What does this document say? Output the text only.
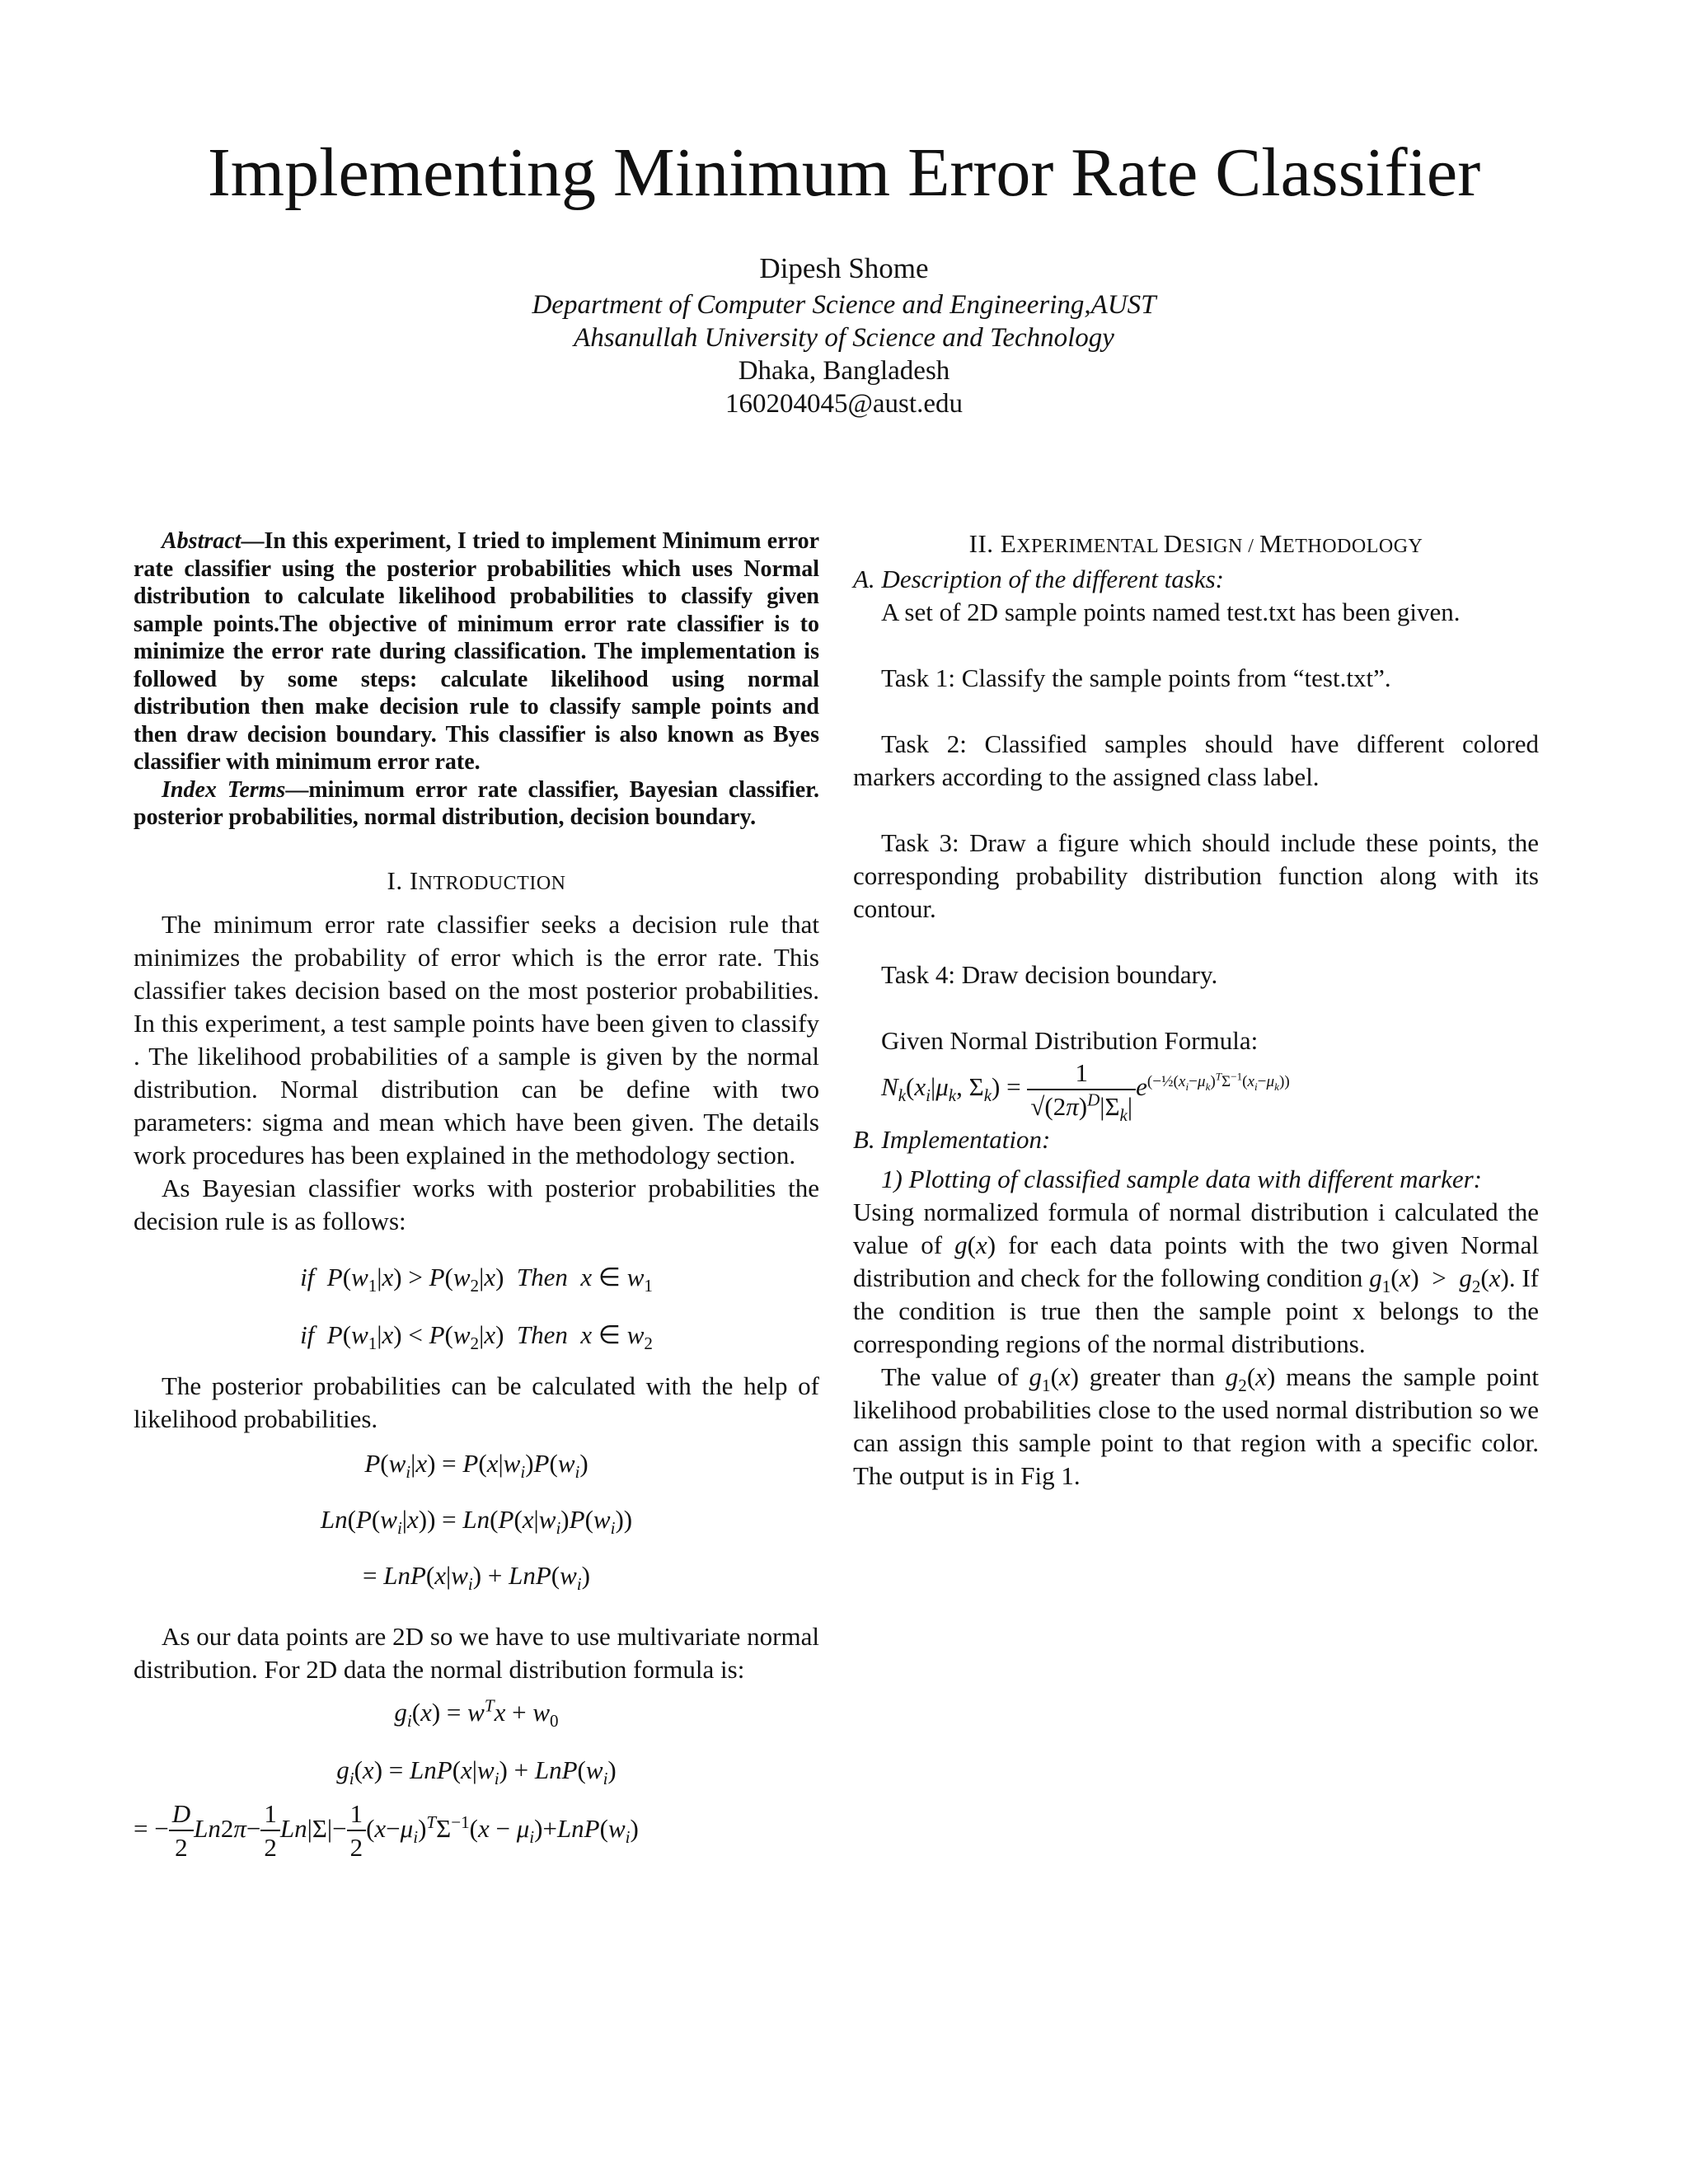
Implementing Minimum Error Rate Classifier
Dipesh Shome
Department of Computer Science and Engineering,AUST
Ahsanullah University of Science and Technology
Dhaka, Bangladesh
160204045@aust.edu

Abstract—In this experiment, I tried to implement Minimum error rate classifier using the posterior probabilities which uses Normal distribution to calculate likelihood probabilities to classify given sample points.The objective of minimum error rate classifier is to minimize the error rate during classification. The implementation is followed by some steps: calculate likelihood using normal distribution then make decision rule to classify sample points and then draw decision boundary. This classifier is also known as Byes classifier with minimum error rate.

Index Terms—minimum error rate classifier, Bayesian classifier. posterior probabilities, normal distribution, decision boundary.

I. INTRODUCTION

The minimum error rate classifier seeks a decision rule that minimizes the probability of error which is the error rate. This classifier takes decision based on the most posterior probabilities. In this experiment, a test sample points have been given to classify . The likelihood probabilities of a sample is given by the normal distribution. Normal distribution can be define with two parameters: sigma and mean which have been given. The details work procedures has been explained in the methodology section.

As Bayesian classifier works with posterior probabilities the decision rule is as follows:

if $P(w_1|x) > P(w_2|x)$  Then x ∈ $w_1$

if $P(w_1|x) < P(w_2|x)$  Then x ∈ $w_2$

The posterior probabilities can be calculated with the help of likelihood probabilities.

$P(w_i|x) = P(x|w_i)P(w_i)$

$Ln(P(w_i|x)) = Ln(P(x|w_i)P(w_i))$

= $LnP(x|w_i) + LnP(w_i)$

As our data points are 2D so we have to use multivariate normal distribution. For 2D data the normal distribution formula is:

$g_i(x) = w^Tx + w_0$

$g_i(x) = LnP(x|w_i) + LnP(w_i)$

= − $\frac{D}{2} Ln2\pi- \frac{1}{2} Ln|\Sigma|- \frac{1}{2} (x-\mu_i)^T\Sigma^{-1}(x - \mu_i)+LnP(w_i)$

II. EXPERIMENTAL DESIGN / METHODOLOGY

A. Description of the different tasks:

A set of 2D sample points named test.txt has been given.

Task 1: Classify the sample points from “test.txt”.

Task 2: Classified samples should have different colored markers according to the assigned class label.

Task 3: Draw a figure which should include these points, the corresponding probability distribution function along with its contour.

Task 4: Draw decision boundary.

Given Normal Distribution Formula:

$N_k(x_i|\mu_k$, $\Sigma_k) = \frac{1}{√(2\pi)^D|\Sigma_k|} e^{(-\frac{1}{2}(x_i-\mu_k)^T\Sigma^{-1}(x_i-\mu_k))}$

B. Implementation:

1) Plotting of classified sample data with different marker:

Using normalized formula of normal distribution i calculated the value of g(x) for each data points with the two given Normal distribution and check for the following condition $g_1(x) > g_2(x)$. If the condition is true then the sample point x belongs to the corresponding regions of the normal distributions.

The value of $g_1(x)$ greater than $g_2(x)$ means the sample point likelihood probabilities close to the used normal distribution so we can assign this sample point to that region with a specific color. The output is in Fig 1.
